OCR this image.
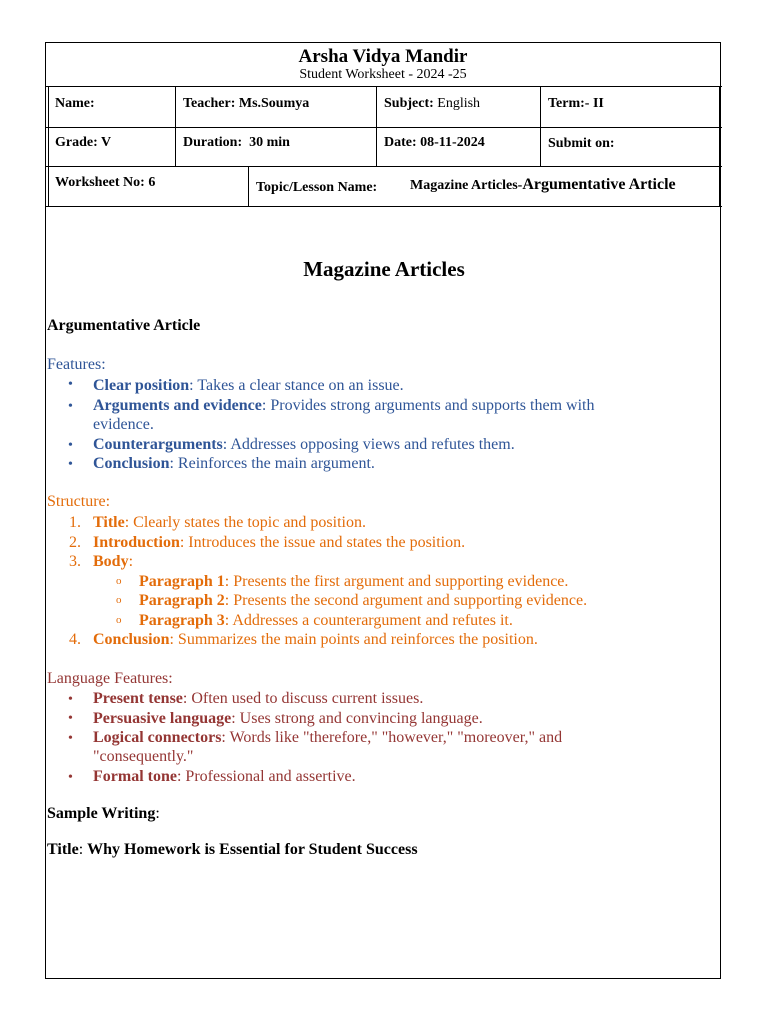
Arsha Vidya Mandir
Student Worksheet - 2024 -25
Name:	Teacher: Ms.Soumya	Subject: English	Term:- II
Grade: V	Duration:  30 min	Date: 08-11-2024	Submit on:
Worksheet No: 6	Topic/Lesson Name: Magazine Articles-Argumentative Article
Magazine Articles
Argumentative Article
Features:
• Clear position: Takes a clear stance on an issue.
• Arguments and evidence: Provides strong arguments and supports them with
evidence.
• Counterarguments: Addresses opposing views and refutes them.
• Conclusion: Reinforces the main argument.
Structure:
1. Title: Clearly states the topic and position.
2. Introduction: Introduces the issue and states the position.
3. Body:
o Paragraph 1: Presents the first argument and supporting evidence.
o Paragraph 2: Presents the second argument and supporting evidence.
o Paragraph 3: Addresses a counterargument and refutes it.
4. Conclusion: Summarizes the main points and reinforces the position.
Language Features:
• Present tense: Often used to discuss current issues.
• Persuasive language: Uses strong and convincing language.
• Logical connectors: Words like "therefore," "however," "moreover," and
"consequently."
• Formal tone: Professional and assertive.
Sample Writing:
Title: Why Homework is Essential for Student Success
